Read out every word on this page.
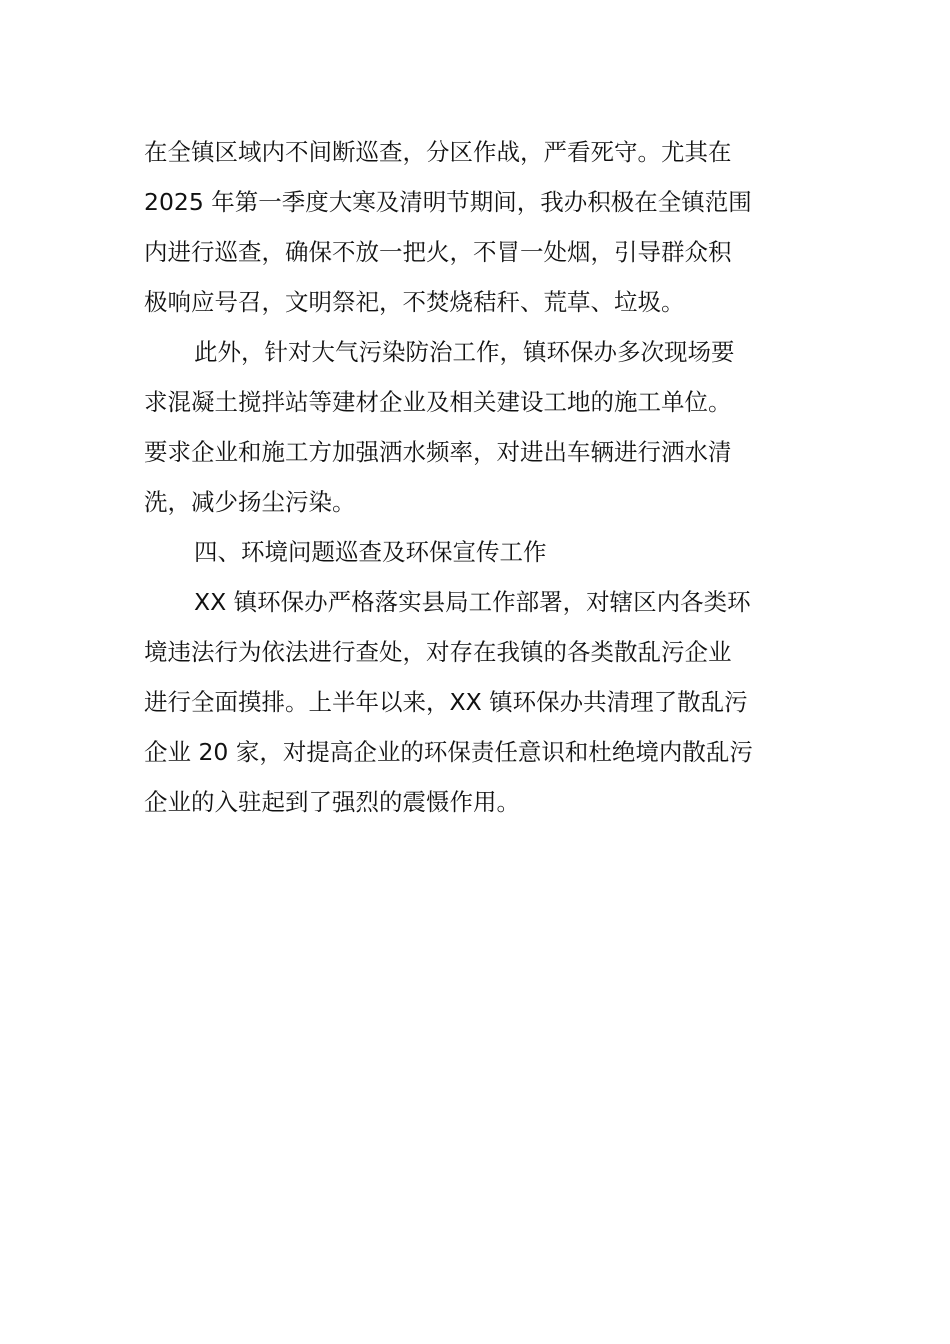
在全镇区域内不间断巡查，分区作战，严看死守。尤其在
2025 年第一季度大寒及清明节期间，我办积极在全镇范围
内进行巡查，确保不放一把火，不冒一处烟，引导群众积
极响应号召，文明祭祀，不焚烧秸秆、荒草、垃圾。
此外，针对大气污染防治工作，镇环保办多次现场要
求混凝土搅拌站等建材企业及相关建设工地的施工单位。
要求企业和施工方加强洒水频率，对进出车辆进行洒水清
洗，减少扬尘污染。
四、环境问题巡查及环保宣传工作
XX 镇环保办严格落实县局工作部署，对辖区内各类环
境违法行为依法进行查处，对存在我镇的各类散乱污企业
进行全面摸排。上半年以来，XX 镇环保办共清理了散乱污
企业 20 家，对提高企业的环保责任意识和杜绝境内散乱污
企业的入驻起到了强烈的震慑作用。
